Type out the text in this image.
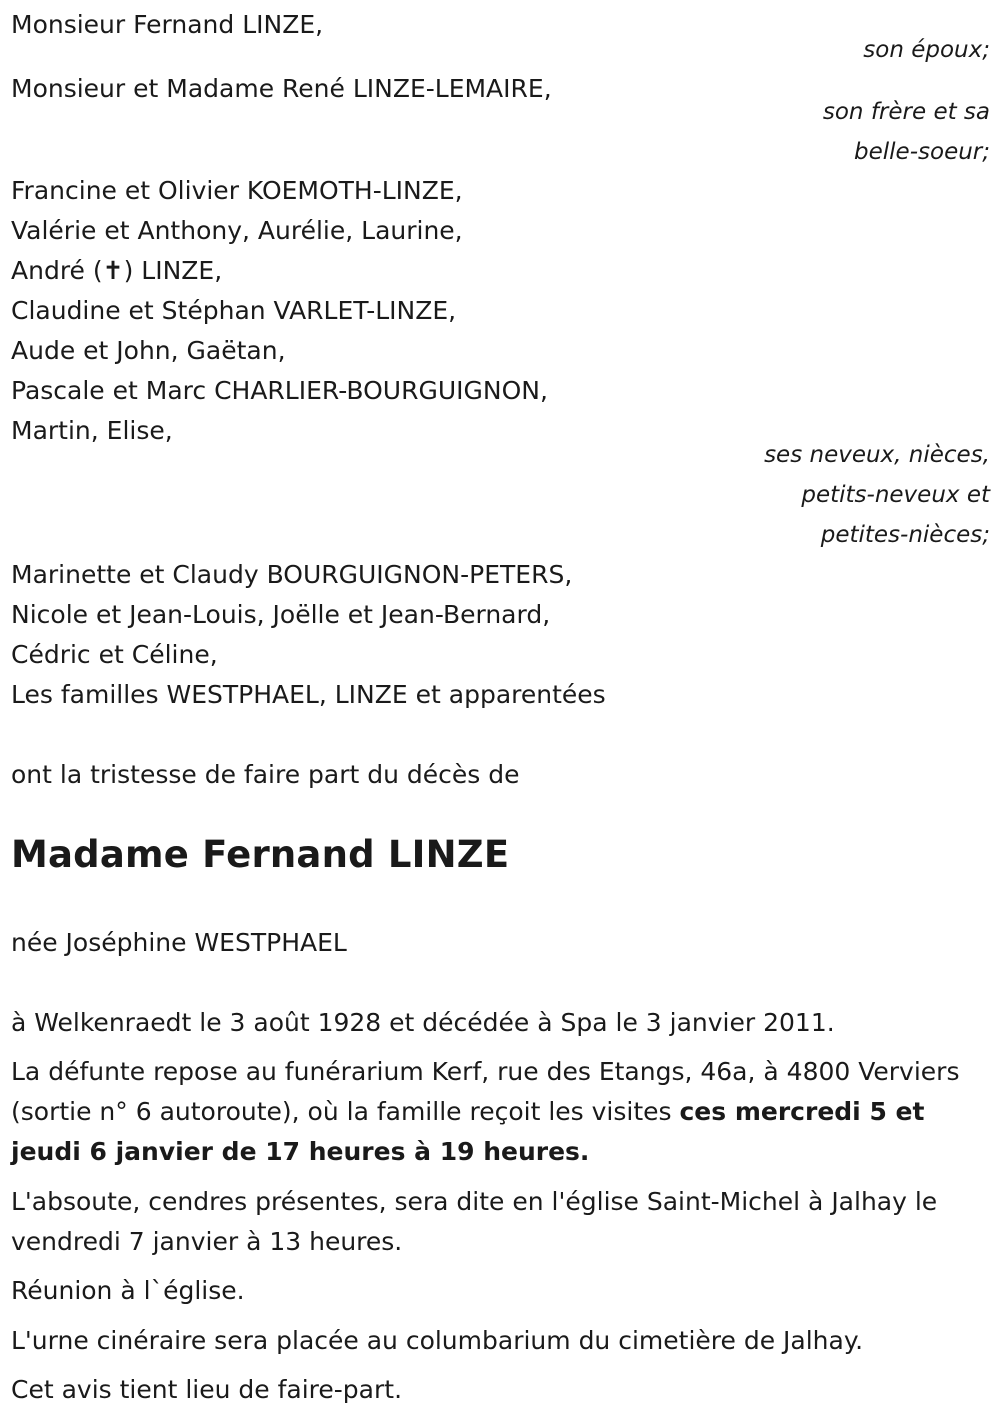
Monsieur Fernand LINZE,
son époux;
Monsieur et Madame René LINZE-LEMAIRE,
son frère et sa
belle-soeur;
Francine et Olivier KOEMOTH-LINZE,
Valérie et Anthony, Aurélie, Laurine,
André (✝) LINZE,
Claudine et Stéphan VARLET-LINZE,
Aude et John, Gaëtan,
Pascale et Marc CHARLIER-BOURGUIGNON,
Martin, Elise,
ses neveux, nièces,
petits-neveux et
petites-nièces;
Marinette et Claudy BOURGUIGNON-PETERS,
Nicole et Jean-Louis, Joëlle et Jean-Bernard,
Cédric et Céline,
Les familles WESTPHAEL, LINZE et apparentées
ont la tristesse de faire part du décès de
Madame Fernand LINZE
née Joséphine WESTPHAEL
à Welkenraedt le 3 août 1928 et décédée à Spa le 3 janvier 2011.
La défunte repose au funérarium Kerf, rue des Etangs, 46a, à 4800 Verviers (sortie n° 6 autoroute), où la famille reçoit les visites ces mercredi 5 et jeudi 6 janvier de 17 heures à 19 heures.
L'absoute, cendres présentes, sera dite en l'église Saint-Michel à Jalhay le vendredi 7 janvier à 13 heures.
Réunion à l`église.
L'urne cinéraire sera placée au columbarium du cimetière de Jalhay.
Cet avis tient lieu de faire-part.
